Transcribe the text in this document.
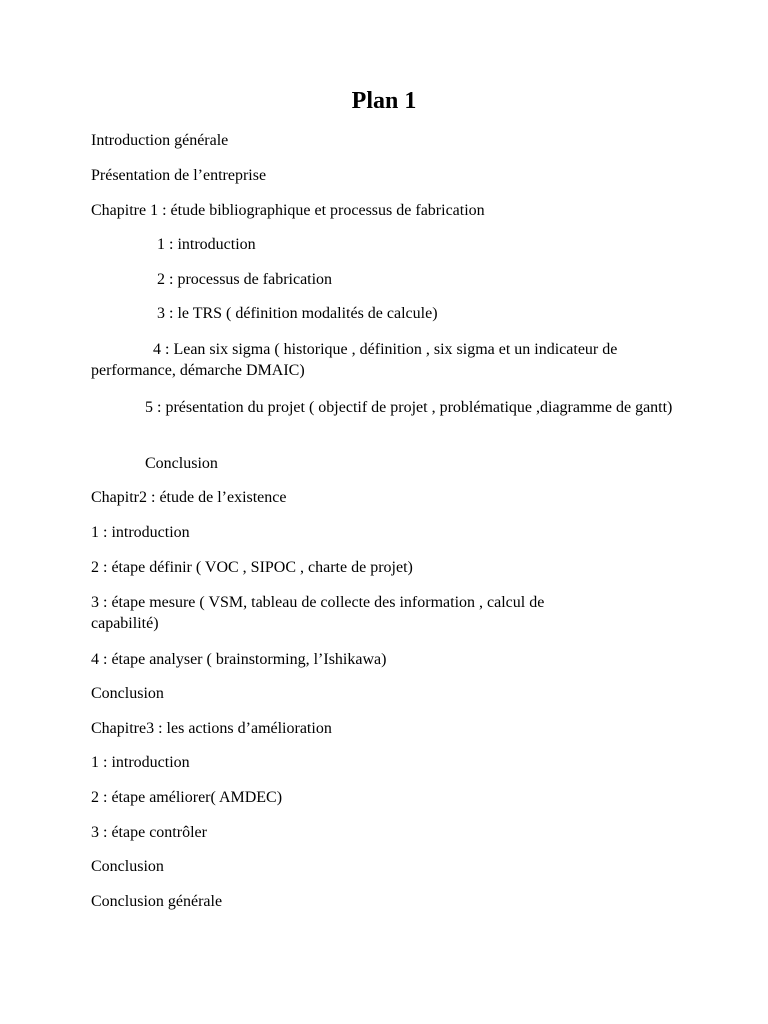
Plan 1
Introduction générale
Présentation de l’entreprise
Chapitre 1 : étude bibliographique et processus de fabrication
1 : introduction
2 : processus de fabrication
3 : le TRS ( définition modalités de calcule)
4 : Lean six sigma ( historique , définition , six sigma et un indicateur de performance, démarche DMAIC)
5 : présentation du projet ( objectif de projet , problématique ,diagramme de gantt)
Conclusion
Chapitr2 : étude de l’existence
1 : introduction
2 : étape définir ( VOC , SIPOC , charte de projet)
3 : étape mesure ( VSM, tableau de collecte des information , calcul de capabilité)
4 : étape analyser ( brainstorming, l’Ishikawa)
Conclusion
Chapitre3 : les actions d’amélioration
1 : introduction
2 : étape améliorer( AMDEC)
3 : étape contrôler
Conclusion
Conclusion générale
